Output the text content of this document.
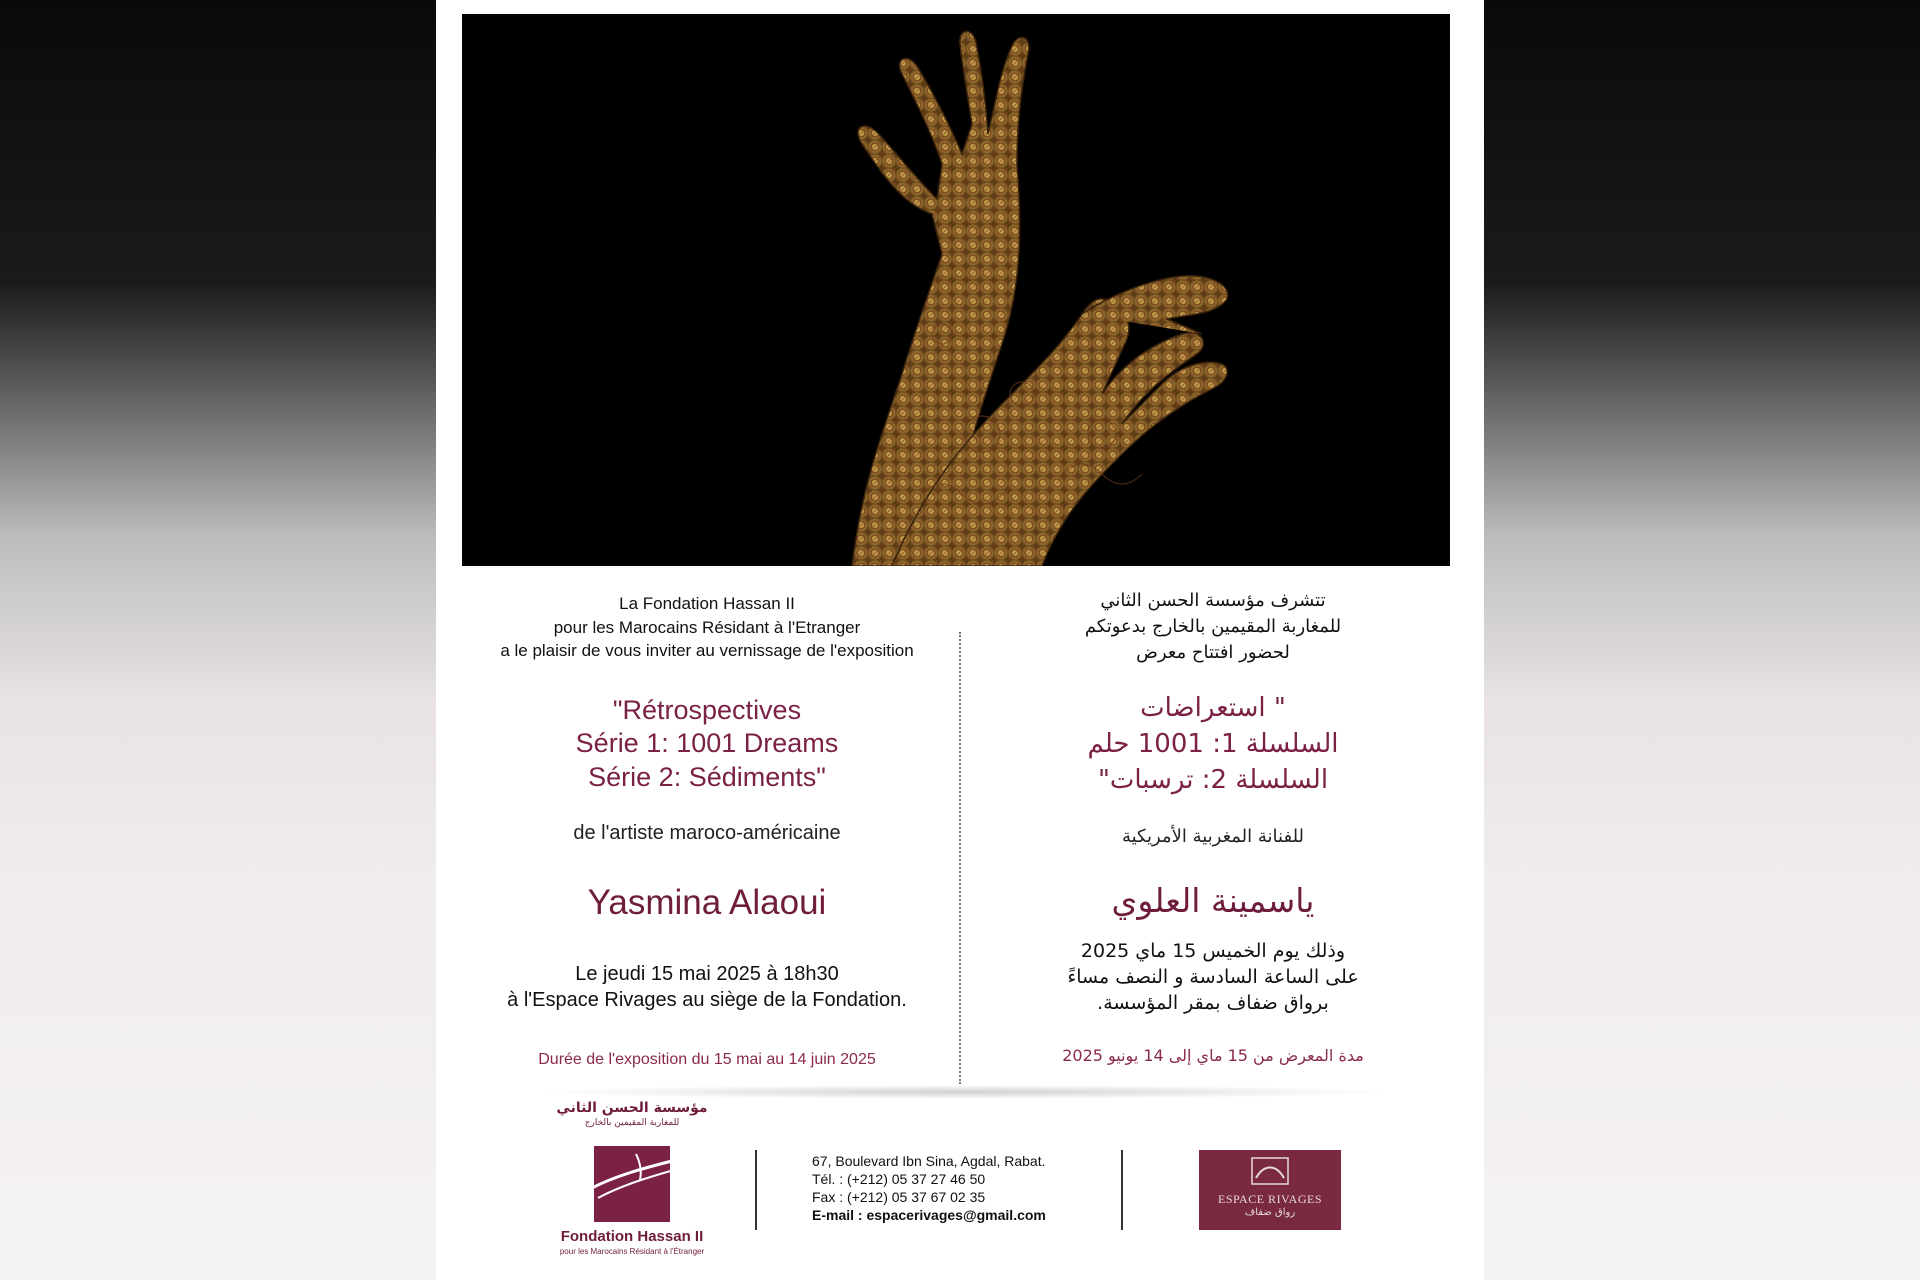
La Fondation Hassan II
pour les Marocains Résidant à l'Etranger
a le plaisir de vous inviter au vernissage de l'exposition
"Rétrospectives
Série 1: 1001 Dreams
Série 2: Sédiments"
de l'artiste maroco-américaine
Yasmina Alaoui
Le jeudi 15 mai 2025 à 18h30
à l'Espace Rivages au siège de la Fondation.
Durée de l'exposition du 15 mai au 14 juin 2025
تتشرف مؤسسة الحسن الثاني
للمغاربة المقيمين بالخارج بدعوتكم
لحضور افتتاح معرض
" استعراضات
السلسلة 1: 1001 حلم
السلسلة 2: ترسبات"
للفنانة المغربية الأمريكية
ياسمينة العلوي
وذلك يوم الخميس 15 ماي 2025
على الساعة السادسة و النصف مساءً
برواق ضفاف بمقر المؤسسة.
مدة المعرض من 15 ماي إلى 14 يونيو 2025
مؤسسة الحسن الثاني
للمغاربة المقيمين بالخارج
Fondation Hassan II
pour les Marocains Résidant à l'Étranger
67, Boulevard Ibn Sina, Agdal, Rabat.
Tél. : (+212) 05 37 27 46 50
Fax : (+212) 05 37 67 02 35
E-mail : espacerivages@gmail.com
ESPACE RIVAGES
رواق ضفاف
